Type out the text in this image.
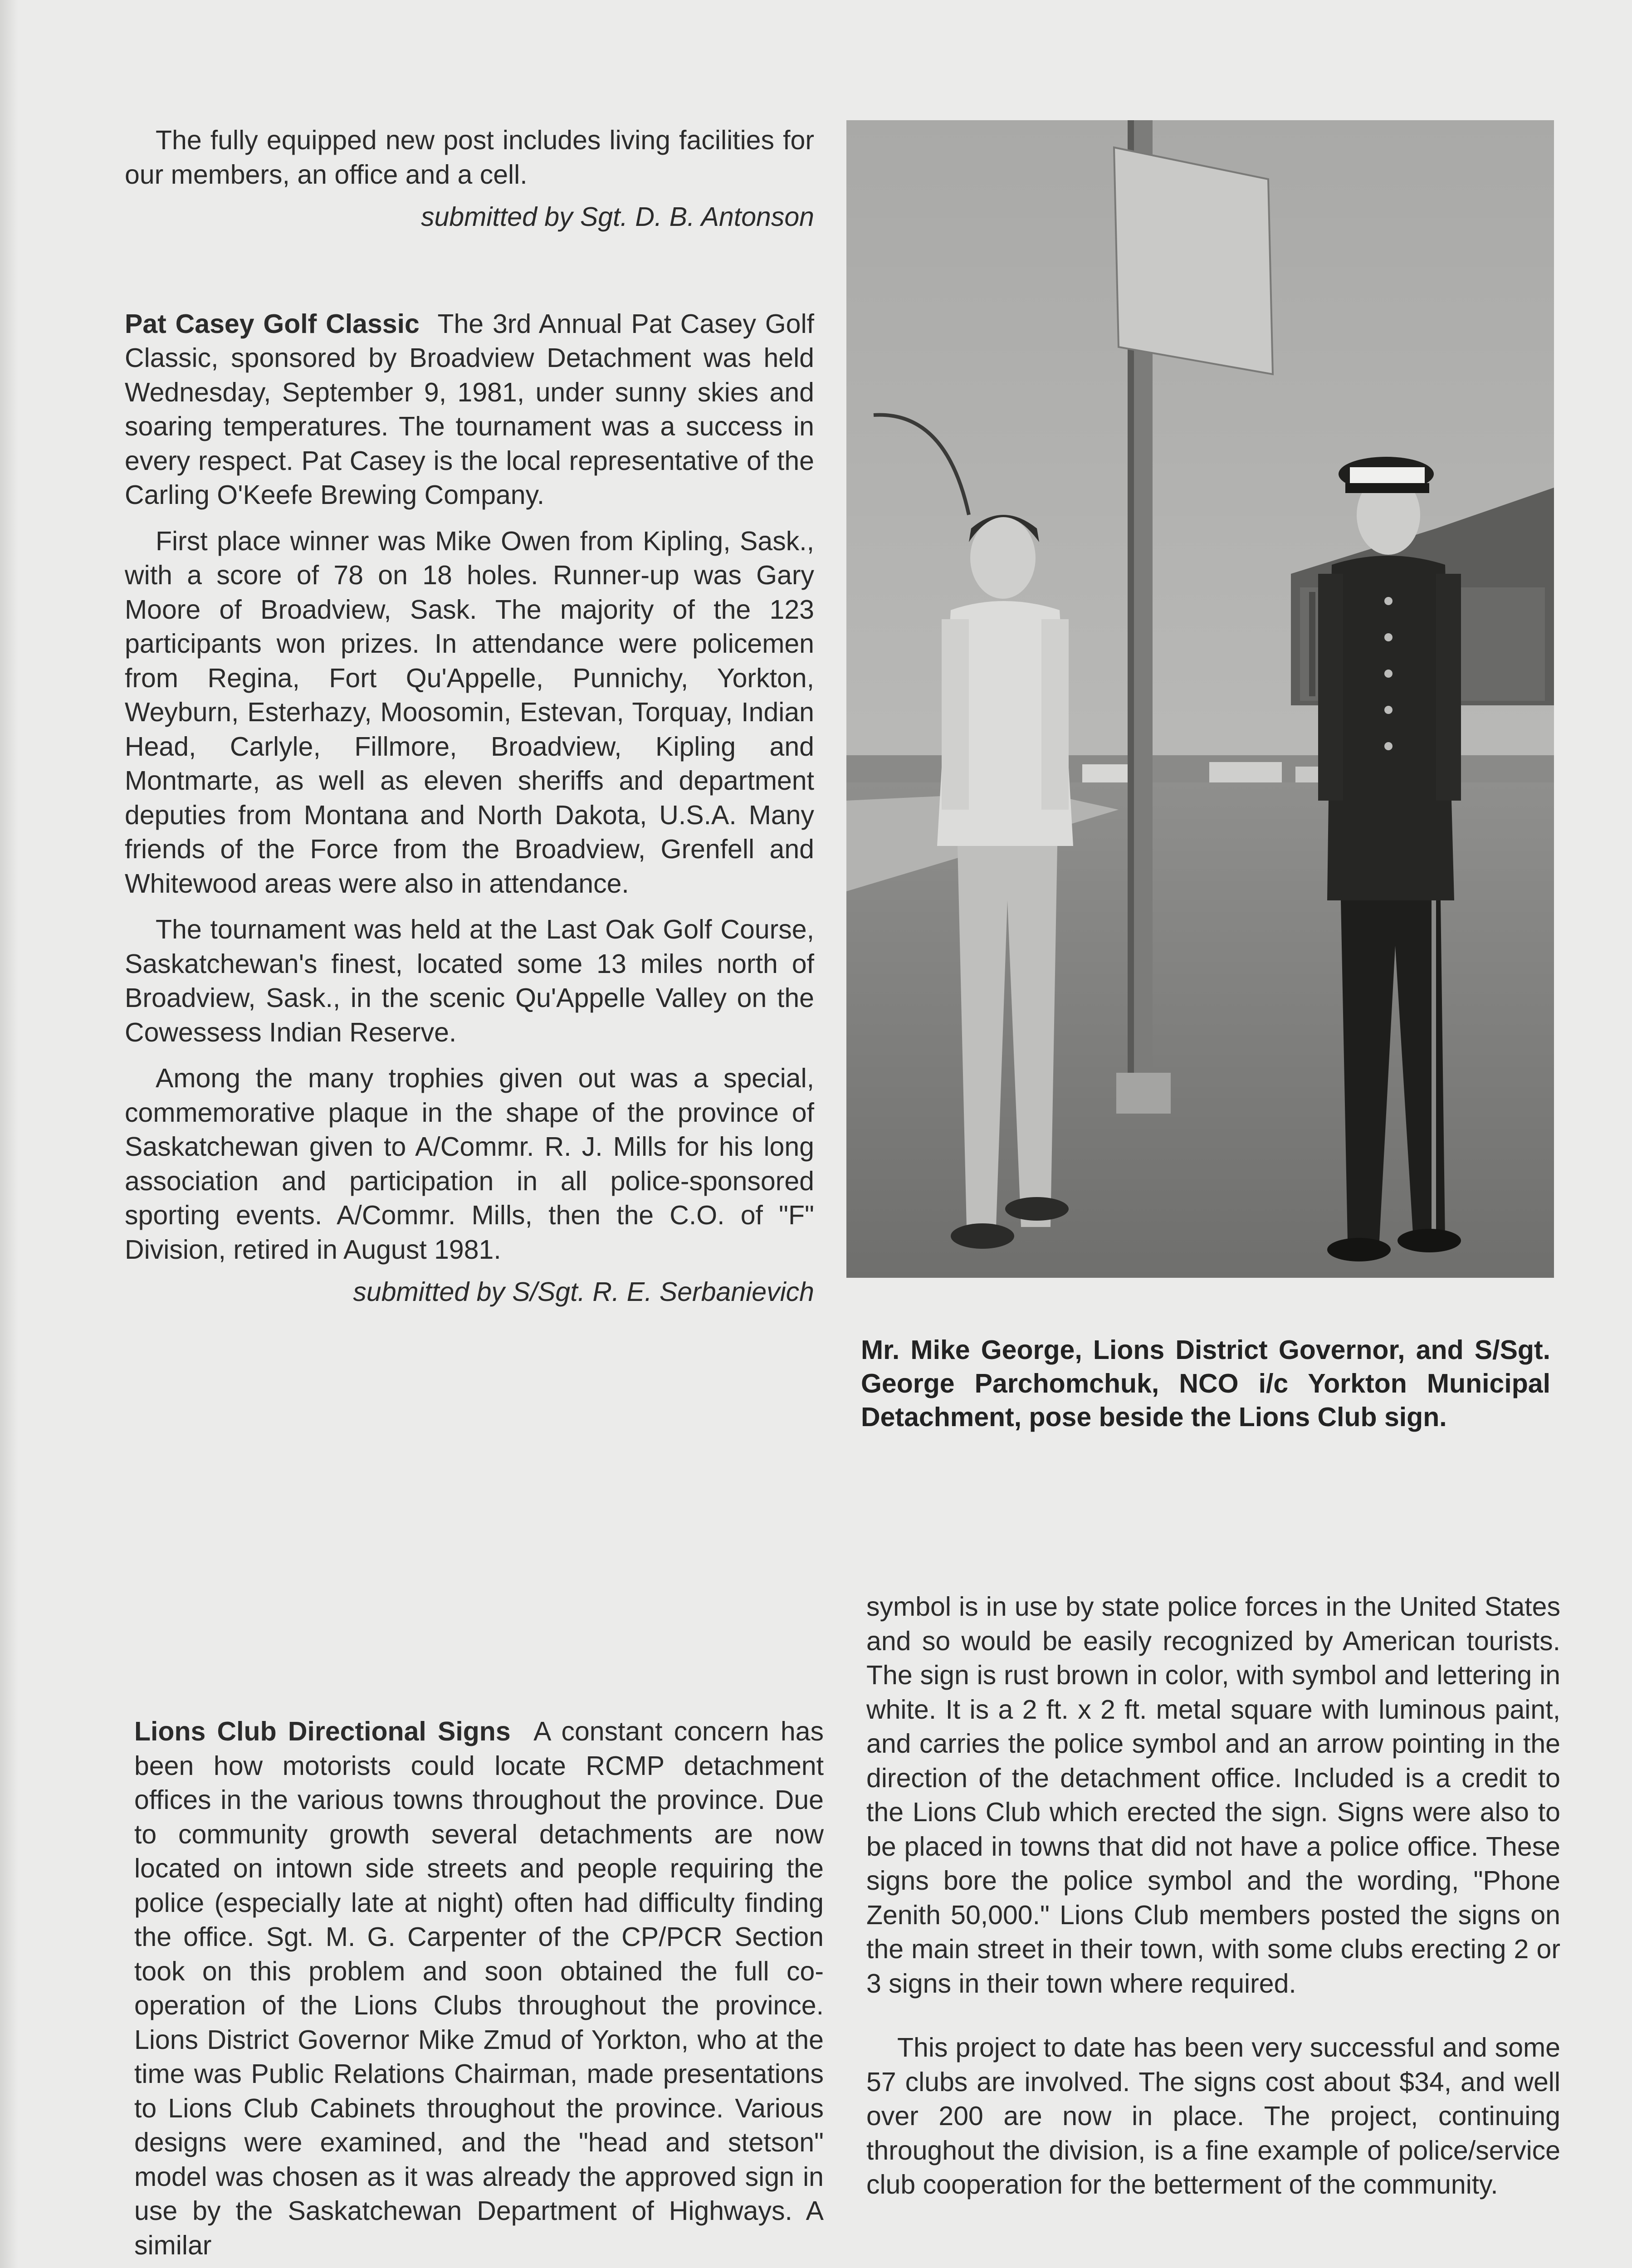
The fully equipped new post includes living facilities for our members, an office and a cell.

submitted by Sgt. D. B. Antonson

Pat Casey Golf Classic The 3rd Annual Pat Casey Golf Classic, sponsored by Broadview Detachment was held Wednesday, September 9, 1981, under sunny skies and soaring temperatures. The tournament was a success in every respect. Pat Casey is the local representative of the Carling O'Keefe Brewing Company.

First place winner was Mike Owen from Kipling, Sask., with a score of 78 on 18 holes. Runner-up was Gary Moore of Broadview, Sask. The majority of the 123 participants won prizes. In attendance were policemen from Regina, Fort Qu'Appelle, Punnichy, Yorkton, Weyburn, Esterhazy, Moosomin, Estevan, Torquay, Indian Head, Carlyle, Fillmore, Broadview, Kipling and Montmarte, as well as eleven sheriffs and department deputies from Montana and North Dakota, U.S.A. Many friends of the Force from the Broadview, Grenfell and Whitewood areas were also in attendance.

The tournament was held at the Last Oak Golf Course, Saskatchewan's finest, located some 13 miles north of Broadview, Sask., in the scenic Qu'Appelle Valley on the Cowessess Indian Reserve.

Among the many trophies given out was a special, commemorative plaque in the shape of the province of Saskatchewan given to A/Commr. R. J. Mills for his long association and participation in all police-sponsored sporting events. A/Commr. Mills, then the C.O. of "F" Division, retired in August 1981.

submitted by S/Sgt. R. E. Serbanievich

Lions Club Directional Signs A constant concern has been how motorists could locate RCMP detachment offices in the various towns throughout the province. Due to community growth several detachments are now located on intown side streets and people requiring the police (especially late at night) often had difficulty finding the office. Sgt. M. G. Carpenter of the CP/PCR Section took on this problem and soon obtained the full co-operation of the Lions Clubs throughout the province. Lions District Governor Mike Zmud of Yorkton, who at the time was Public Relations Chairman, made presentations to Lions Club Cabinets throughout the province. Various designs were examined, and the "head and stetson" model was chosen as it was already the approved sign in use by the Saskatchewan Department of Highways. A similar

Mr. Mike George, Lions District Governor, and S/Sgt. George Parchomchuk, NCO i/c Yorkton Municipal Detachment, pose beside the Lions Club sign.

symbol is in use by state police forces in the United States and so would be easily recognized by American tourists. The sign is rust brown in color, with symbol and lettering in white. It is a 2 ft. x 2 ft. metal square with luminous paint, and carries the police symbol and an arrow pointing in the direction of the detachment office. Included is a credit to the Lions Club which erected the sign. Signs were also to be placed in towns that did not have a police office. These signs bore the police symbol and the wording, "Phone Zenith 50,000." Lions Club members posted the signs on the main street in their town, with some clubs erecting 2 or 3 signs in their town where required.

This project to date has been very successful and some 57 clubs are involved. The signs cost about $34, and well over 200 are now in place. The project, continuing throughout the division, is a fine example of police/service club cooperation for the betterment of the community.
